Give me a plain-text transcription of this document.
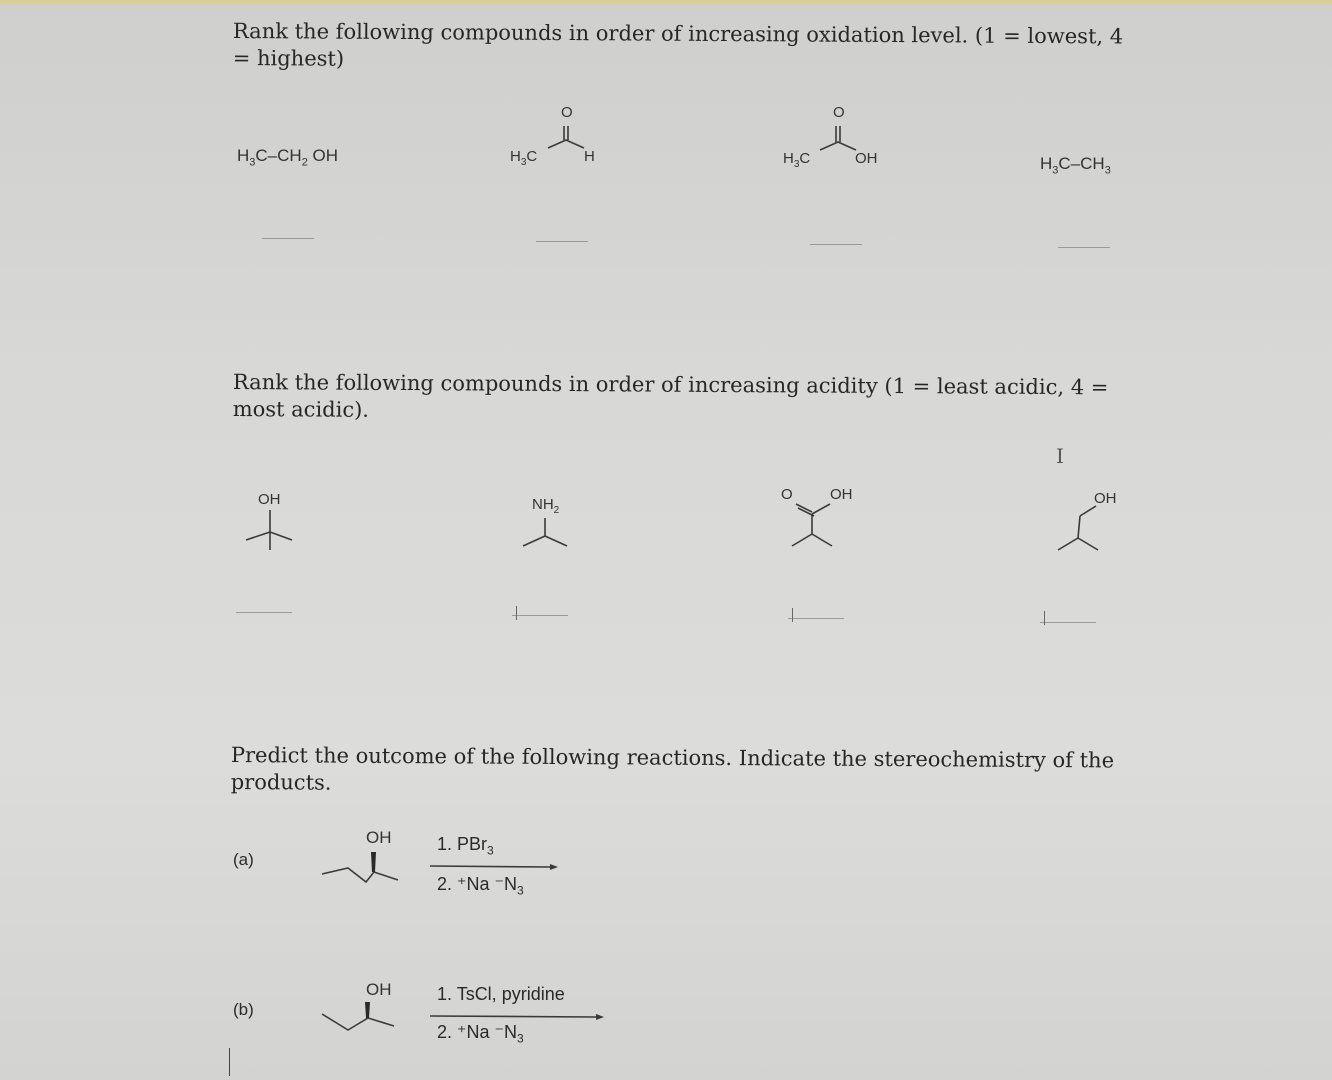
Rank the following compounds in order of increasing oxidation level. (1 = lowest, 4 = highest)
$H_3C-CH_2$ OH	$H_3C$
O
H	$H_3C$
O
OH	$H_3C-CH_3$
Rank the following compounds in order of increasing acidity (1 = least acidic, 4 = most acidic).
I
OH	$NH_2$
O OH	OH
Predict the outcome of the following reactions. Indicate the stereochemistry of the products.
(a)
OH	1. PBr$_3$
2. ⁺Na $^-N_3$
(b)
OH	1. TsCl, pyridine
2. ⁺Na $^-N_3$
